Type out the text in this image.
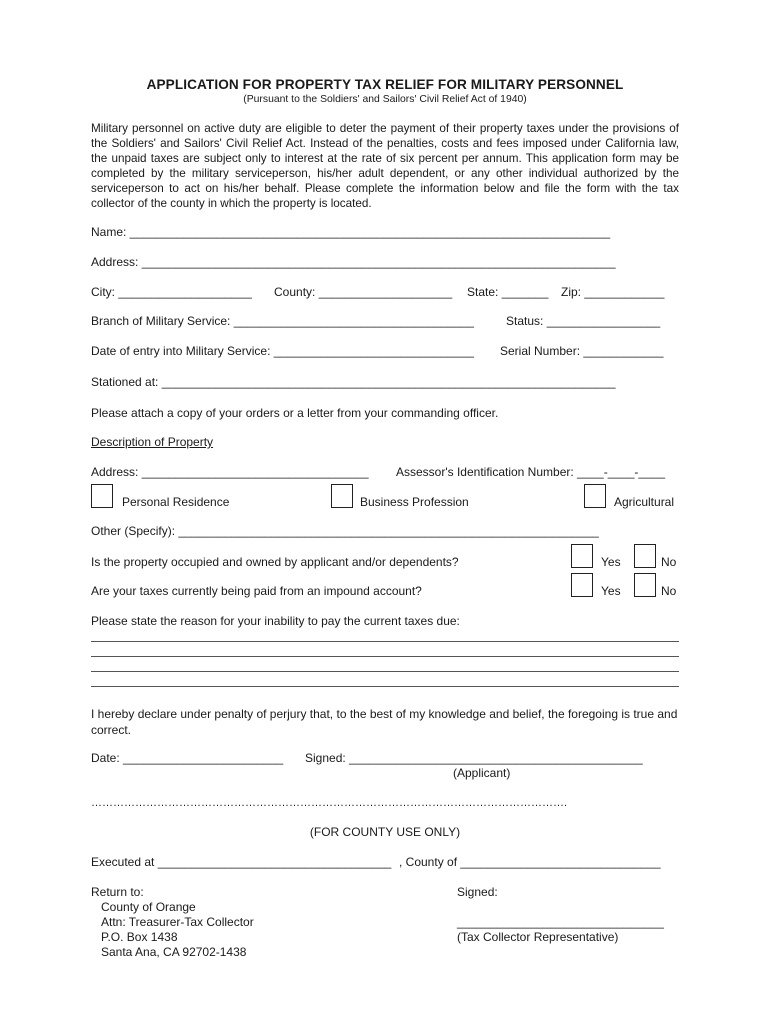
APPLICATION FOR PROPERTY TAX RELIEF FOR MILITARY PERSONNEL
(Pursuant to the Soldiers' and Sailors' Civil Relief Act of 1940)
Military personnel on active duty are eligible to deter the payment of their property taxes under the provisions of the Soldiers' and Sailors' Civil Relief Act. Instead of the penalties, costs and fees imposed under California law, the unpaid taxes are subject only to interest at the rate of six percent per annum. This application form may be completed by the military serviceperson, his/her adult dependent, or any other individual authorized by the serviceperson to act on his/her behalf. Please complete the information below and file the form with the tax collector of the county in which the property is located.
Name: ________________________________________________________________________
Address: _______________________________________________________________________
City: ____________________ County: ____________________ State: _______ Zip: ____________
Branch of Military Service: ____________________________________	Status: _________________
Date of entry into Military Service: ______________________________ Serial Number: ____________
Stationed at: ____________________________________________________________________
Please attach a copy of your orders or a letter from your commanding officer.
Description of Property
Address: __________________________________ Assessor's Identification Number: ____-____-____
Personal Residence	Business Profession	Agricultural
Other (Specify): _______________________________________________________________
Is the property occupied and owned by applicant and/or dependents?	Yes	No
Are your taxes currently being paid from an impound account?	Yes	No
Please state the reason for your inability to pay the current taxes due:
I hereby declare under penalty of perjury that, to the best of my knowledge and belief, the foregoing is true and correct.
Date: ________________________ Signed: ____________________________________________
(Applicant)
………………………………………………………………………………………………………………….
(FOR COUNTY USE ONLY)
Executed at ___________________________________ , County of ______________________________
Return to:
County of Orange
Attn: Treasurer-Tax Collector
P.O. Box 1438
Santa Ana, CA 92702-1438
Signed:
_______________________________
(Tax Collector Representative)
